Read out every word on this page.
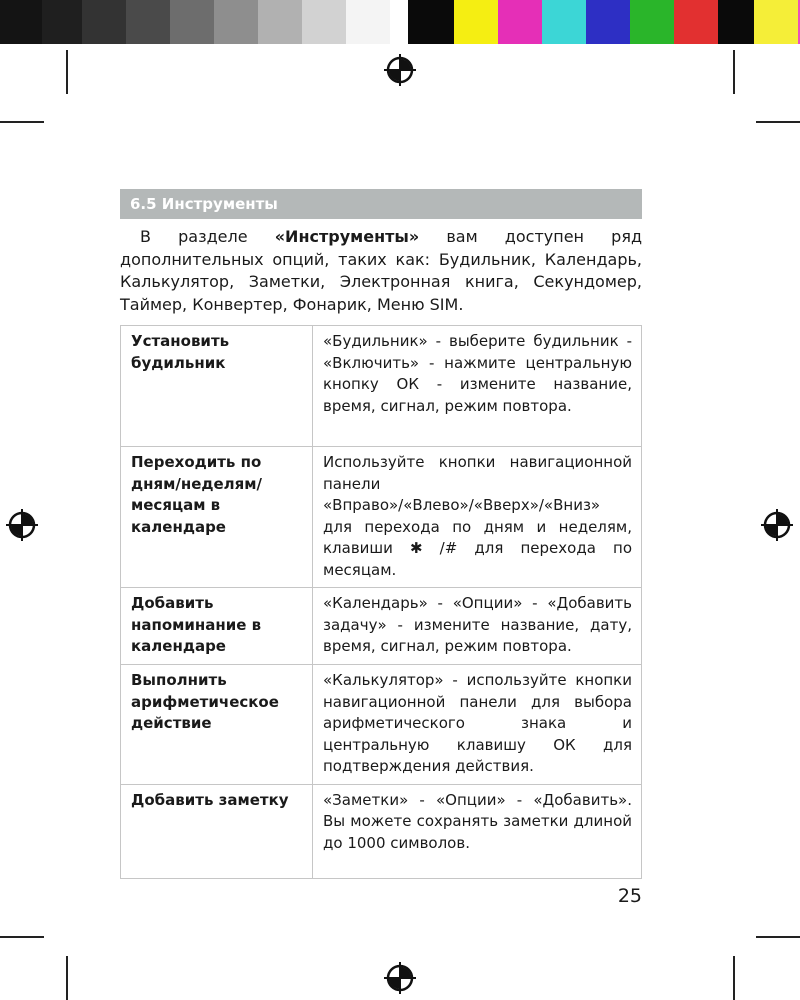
6.5 Инструменты

В разделе «Инструменты» вам доступен ряд дополнительных опций, таких как: Будильник, Календарь, Калькулятор, Заметки, Электронная книга, Секундомер, Таймер, Конвертер, Фонарик, Меню SIM.

Установить будильник	«Будильник» - выберите будильник - «Включить» - нажмите центральную кнопку ОК - измените название, время, сигнал, режим повтора.
Переходить по дням/неделям/месяцам в календаре	Используйте кнопки навигационной панели «Вправо»/«Влево»/«Вверх»/«Вниз» для перехода по дням и неделям, клавиши ✱ /# для перехода по месяцам.
Добавить напоминание в календаре	«Календарь» - «Опции» - «Добавить задачу» - измените название, дату, время, сигнал, режим повтора.
Выполнить арифметическое действие	«Калькулятор» - используйте кнопки навигационной панели для выбора арифметического знака и центральную клавишу ОК для подтверждения действия.
Добавить заметку	«Заметки» - «Опции» - «Добавить». Вы можете сохранять заметки длиной до 1000 символов.
25
